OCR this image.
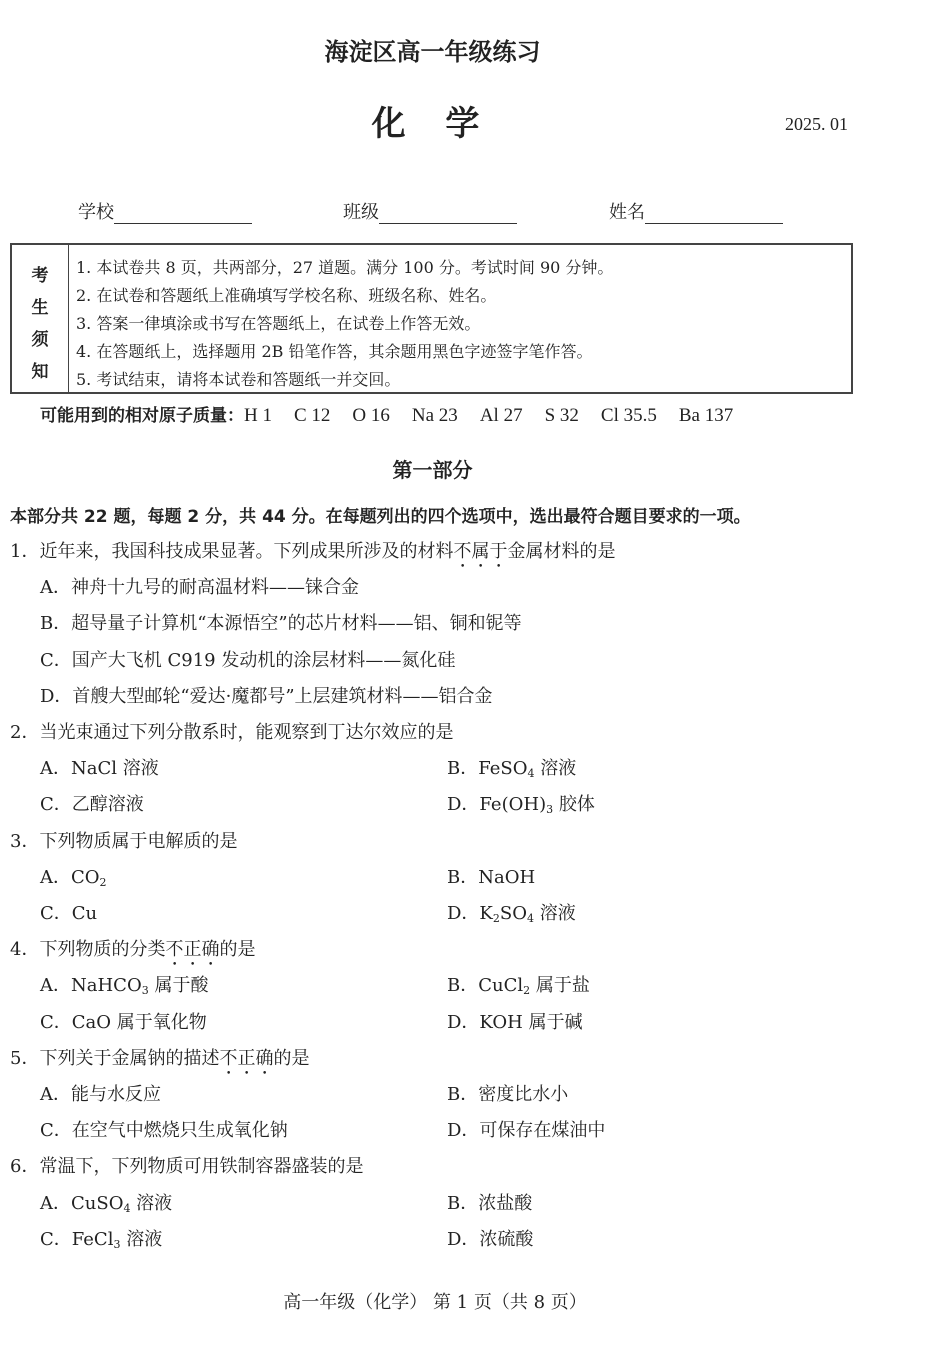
海淀区高一年级练习
化 学	2025. 01
学校	班级	姓名
考
生
须
知
1. 本试卷共 8 页，共两部分，27 道题。满分 100 分。考试时间 90 分钟。
2. 在试卷和答题纸上准确填写学校名称、班级名称、姓名。
3. 答案一律填涂或书写在答题纸上，在试卷上作答无效。
4. 在答题纸上，选择题用 2B 铅笔作答，其余题用黑色字迹签字笔作答。
5. 考试结束，请将本试卷和答题纸一并交回。
可能用到的相对原子质量：H 1 C 12 O 16 Na 23 Al 27 S 32 Cl 35.5 Ba 137
第一部分
本部分共 22 题，每题 2 分，共 44 分。在每题列出的四个选项中，选出最符合题目要求的一项。
1．近年来，我国科技成果显著。下列成果所涉及的材料不属于金属材料的是
A．神舟十九号的耐高温材料——铼合金
B．超导量子计算机“本源悟空”的芯片材料——铝、铜和铌等
C．国产大飞机 C919 发动机的涂层材料——氮化硅
D．首艘大型邮轮“爱达·魔都号”上层建筑材料——铝合金
2．当光束通过下列分散系时，能观察到丁达尔效应的是
A．NaCl 溶液	B．FeSO$_4$ 溶液
C．乙醇溶液	D．$Fe(OH)_3$ 胶体
3．下列物质属于电解质的是
A．$CO_2$	B．NaOH
C．Cu	D．$K_2SO_4$ 溶液
4．下列物质的分类不正确的是
A．NaHCO$_3$ 属于酸	B．CuCl$_2$ 属于盐
C．CaO 属于氧化物	D．KOH 属于碱
5．下列关于金属钠的描述不正确的是
A．能与水反应	B．密度比水小
C．在空气中燃烧只生成氧化钠	D．可保存在煤油中
6．常温下，下列物质可用铁制容器盛装的是
A．CuSO$_4$ 溶液	B．浓盐酸
C．FeCl$_3$ 溶液	D．浓硫酸
高一年级（化学） 第 1 页（共 8 页）
